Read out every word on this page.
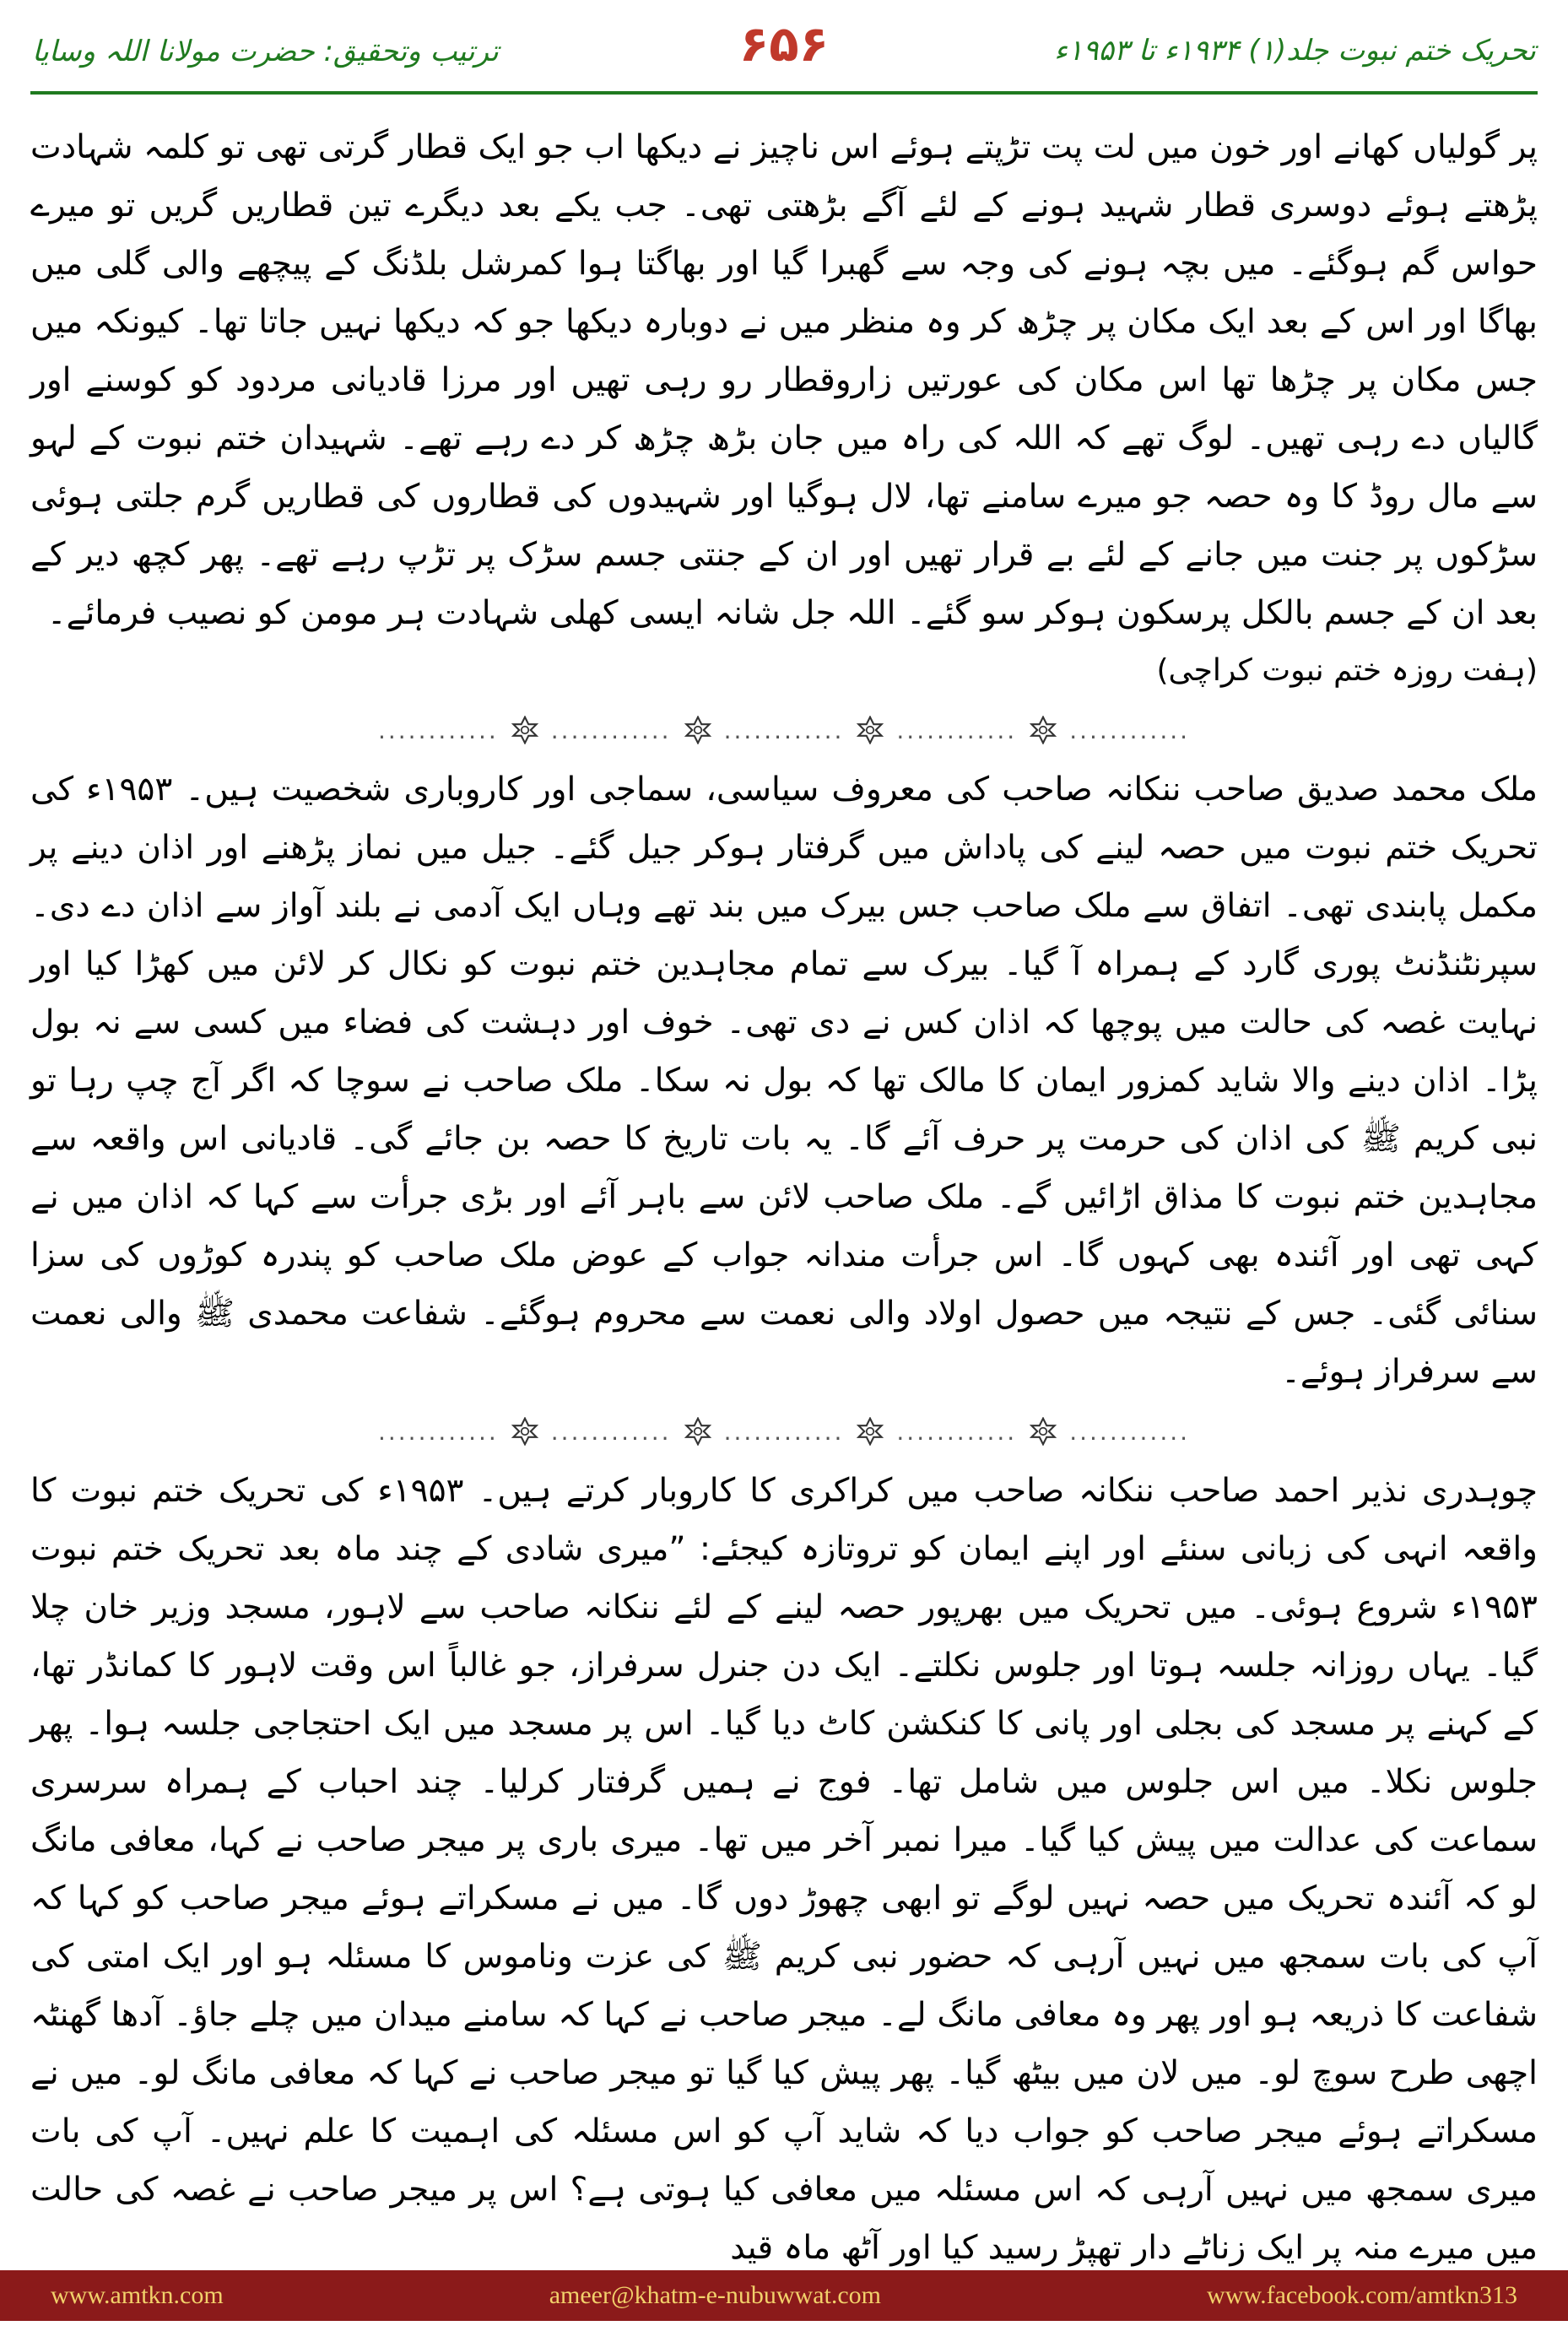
ترتیب وتحقیق: حضرت مولانا اللہ وسایا	۶۵۶	تحریک ختم نبوت جلد(۱) ۱۹۳۴ء تا ۱۹۵۳ء

پر گولیاں کھانے اور خون میں لت پت تڑپتے ہوئے اس ناچیز نے دیکھا اب جو ایک قطار گرتی تھی تو کلمہ شہادت پڑھتے ہوئے دوسری قطار شہید ہونے کے لئے آگے بڑھتی تھی۔ جب یکے بعد دیگرے تین قطاریں گریں تو میرے حواس گم ہوگئے۔ میں بچہ ہونے کی وجہ سے گھبرا گیا اور بھاگتا ہوا کمرشل بلڈنگ کے پیچھے والی گلی میں بھاگا اور اس کے بعد ایک مکان پر چڑھ کر وہ منظر میں نے دوبارہ دیکھا جو کہ دیکھا نہیں جاتا تھا۔ کیونکہ میں جس مکان پر چڑھا تھا اس مکان کی عورتیں زاروقطار رو رہی تھیں اور مرزا قادیانی مردود کو کوسنے اور گالیاں دے رہی تھیں۔ لوگ تھے کہ اللہ کی راہ میں جان بڑھ چڑھ کر دے رہے تھے۔ شہیدان ختم نبوت کے لہو سے مال روڈ کا وہ حصہ جو میرے سامنے تھا، لال ہوگیا اور شہیدوں کی قطاروں کی قطاریں گرم جلتی ہوئی سڑکوں پر جنت میں جانے کے لئے بے قرار تھیں اور ان کے جنتی جسم سڑک پر تڑپ رہے تھے۔ پھر کچھ دیر کے بعد ان کے جسم بالکل پرسکون ہوکر سو گئے۔ اللہ جل شانہ ایسی کھلی شہادت ہر مومن کو نصیب فرمائے۔

(ہفت روزہ ختم نبوت کراچی)

............ ............ ............ ............ ............

ملک محمد صدیق صاحب ننکانہ صاحب کی معروف سیاسی، سماجی اور کاروباری شخصیت ہیں۔ ۱۹۵۳ء کی تحریک ختم نبوت میں حصہ لینے کی پاداش میں گرفتار ہوکر جیل گئے۔ جیل میں نماز پڑھنے اور اذان دینے پر مکمل پابندی تھی۔ اتفاق سے ملک صاحب جس بیرک میں بند تھے وہاں ایک آدمی نے بلند آواز سے اذان دے دی۔ سپرنٹنڈنٹ پوری گارد کے ہمراہ آ گیا۔ بیرک سے تمام مجاہدین ختم نبوت کو نکال کر لائن میں کھڑا کیا اور نہایت غصہ کی حالت میں پوچھا کہ اذان کس نے دی تھی۔ خوف اور دہشت کی فضاء میں کسی سے نہ بول پڑا۔ اذان دینے والا شاید کمزور ایمان کا مالک تھا کہ بول نہ سکا۔ ملک صاحب نے سوچا کہ اگر آج چپ رہا تو نبی کریم ﷺ کی اذان کی حرمت پر حرف آئے گا۔ یہ بات تاریخ کا حصہ بن جائے گی۔ قادیانی اس واقعہ سے مجاہدین ختم نبوت کا مذاق اڑائیں گے۔ ملک صاحب لائن سے باہر آئے اور بڑی جرأت سے کہا کہ اذان میں نے کہی تھی اور آئندہ بھی کہوں گا۔ اس جرأت مندانہ جواب کے عوض ملک صاحب کو پندرہ کوڑوں کی سزا سنائی گئی۔ جس کے نتیجہ میں حصول اولاد والی نعمت سے محروم ہوگئے۔ شفاعت محمدی ﷺ والی نعمت سے سرفراز ہوئے۔

............ ............ ............ ............ ............

چوہدری نذیر احمد صاحب ننکانہ صاحب میں کراکری کا کاروبار کرتے ہیں۔ ۱۹۵۳ء کی تحریک ختم نبوت کا واقعہ انہی کی زبانی سنئے اور اپنے ایمان کو تروتازہ کیجئے: ”میری شادی کے چند ماہ بعد تحریک ختم نبوت ۱۹۵۳ء شروع ہوئی۔ میں تحریک میں بھرپور حصہ لینے کے لئے ننکانہ صاحب سے لاہور، مسجد وزیر خان چلا گیا۔ یہاں روزانہ جلسہ ہوتا اور جلوس نکلتے۔ ایک دن جنرل سرفراز، جو غالباً اس وقت لاہور کا کمانڈر تھا، کے کہنے پر مسجد کی بجلی اور پانی کا کنکشن کاٹ دیا گیا۔ اس پر مسجد میں ایک احتجاجی جلسہ ہوا۔ پھر جلوس نکلا۔ میں اس جلوس میں شامل تھا۔ فوج نے ہمیں گرفتار کرلیا۔ چند احباب کے ہمراہ سرسری سماعت کی عدالت میں پیش کیا گیا۔ میرا نمبر آخر میں تھا۔ میری باری پر میجر صاحب نے کہا، معافی مانگ لو کہ آئندہ تحریک میں حصہ نہیں لوگے تو ابھی چھوڑ دوں گا۔ میں نے مسکراتے ہوئے میجر صاحب کو کہا کہ آپ کی بات سمجھ میں نہیں آرہی کہ حضور نبی کریم ﷺ کی عزت وناموس کا مسئلہ ہو اور ایک امتی کی شفاعت کا ذریعہ ہو اور پھر وہ معافی مانگ لے۔ میجر صاحب نے کہا کہ سامنے میدان میں چلے جاؤ۔ آدھا گھنٹہ اچھی طرح سوچ لو۔ میں لان میں بیٹھ گیا۔ پھر پیش کیا گیا تو میجر صاحب نے کہا کہ معافی مانگ لو۔ میں نے مسکراتے ہوئے میجر صاحب کو جواب دیا کہ شاید آپ کو اس مسئلہ کی اہمیت کا علم نہیں۔ آپ کی بات میری سمجھ میں نہیں آرہی کہ اس مسئلہ میں معافی کیا ہوتی ہے؟ اس پر میجر صاحب نے غصہ کی حالت میں میرے منہ پر ایک زناٹے دار تھپڑ رسید کیا اور آٹھ ماہ قید

www.amtkn.com	ameer@khatm-e-nubuwwat.com	www.facebook.com/amtkn313
